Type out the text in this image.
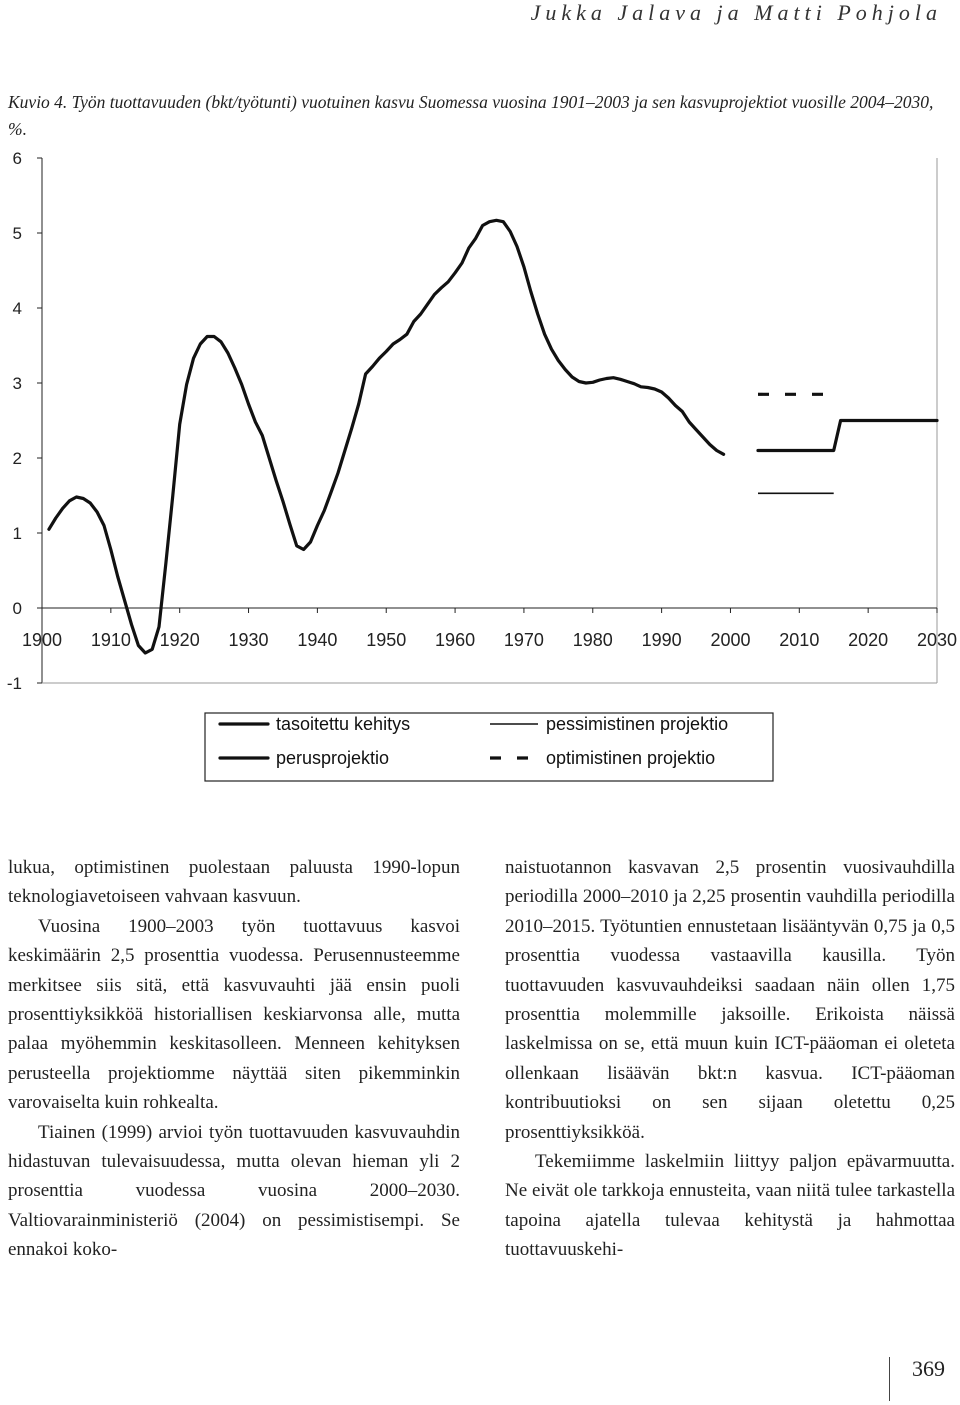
Jukka Jalava ja Matti Pohjola
Kuvio 4. Työn tuottavuuden (bkt/työtunti) vuotuinen kasvu Suomessa vuosina 1901–2003 ja sen kasvuprojektiot vuosille 2004–2030, %.
-1
0
1
2
3
4
5
6
1900 1910 1920 1930 1940 1950 1960 1970 1980 1990 2000 2010 2020 2030
tasoitettu kehitys
perusprojektio
pessimistinen projektio
optimistinen projektio

lukua, optimistinen puolestaan paluusta 1990-lopun teknologiavetoiseen vahvaan kasvuun.

Vuosina 1900–2003 työn tuottavuus kasvoi keskimäärin 2,5 prosenttia vuodessa. Perusennusteemme merkitsee siis sitä, että kasvuvauhti jää ensin puoli prosenttiyksikköä historiallisen keskiarvonsa alle, mutta palaa myöhemmin keskitasolleen. Menneen kehityksen perusteella projektiomme näyttää siten pikemminkin varovaiselta kuin rohkealta.

Tiainen (1999) arvioi työn tuottavuuden kasvuvauhdin hidastuvan tulevaisuudessa, mutta olevan hieman yli 2 prosenttia vuodessa vuosina 2000–2030. Valtiovarainministeriö (2004) on pessimistisempi. Se ennakoi koko-

naistuotannon kasvavan 2,5 prosentin vuosivauhdilla periodilla 2000–2010 ja 2,25 prosentin vauhdilla periodilla 2010–2015. Työtuntien ennustetaan lisääntyvän 0,75 ja 0,5 prosenttia vuodessa vastaavilla kausilla. Työn tuottavuuden kasvuvauhdeiksi saadaan näin ollen 1,75 prosenttia molemmille jaksoille. Erikoista näissä laskelmissa on se, että muun kuin ICT-pääoman ei oleteta ollenkaan lisäävän bkt:n kasvua. ICT-pääoman kontribuutioksi on sen sijaan oletettu 0,25 prosenttiyksikköä.

Tekemiimme laskelmiin liittyy paljon epävarmuutta. Ne eivät ole tarkkoja ennusteita, vaan niitä tulee tarkastella tapoina ajatella tulevaa kehitystä ja hahmottaa tuottavuuskehi-

369
